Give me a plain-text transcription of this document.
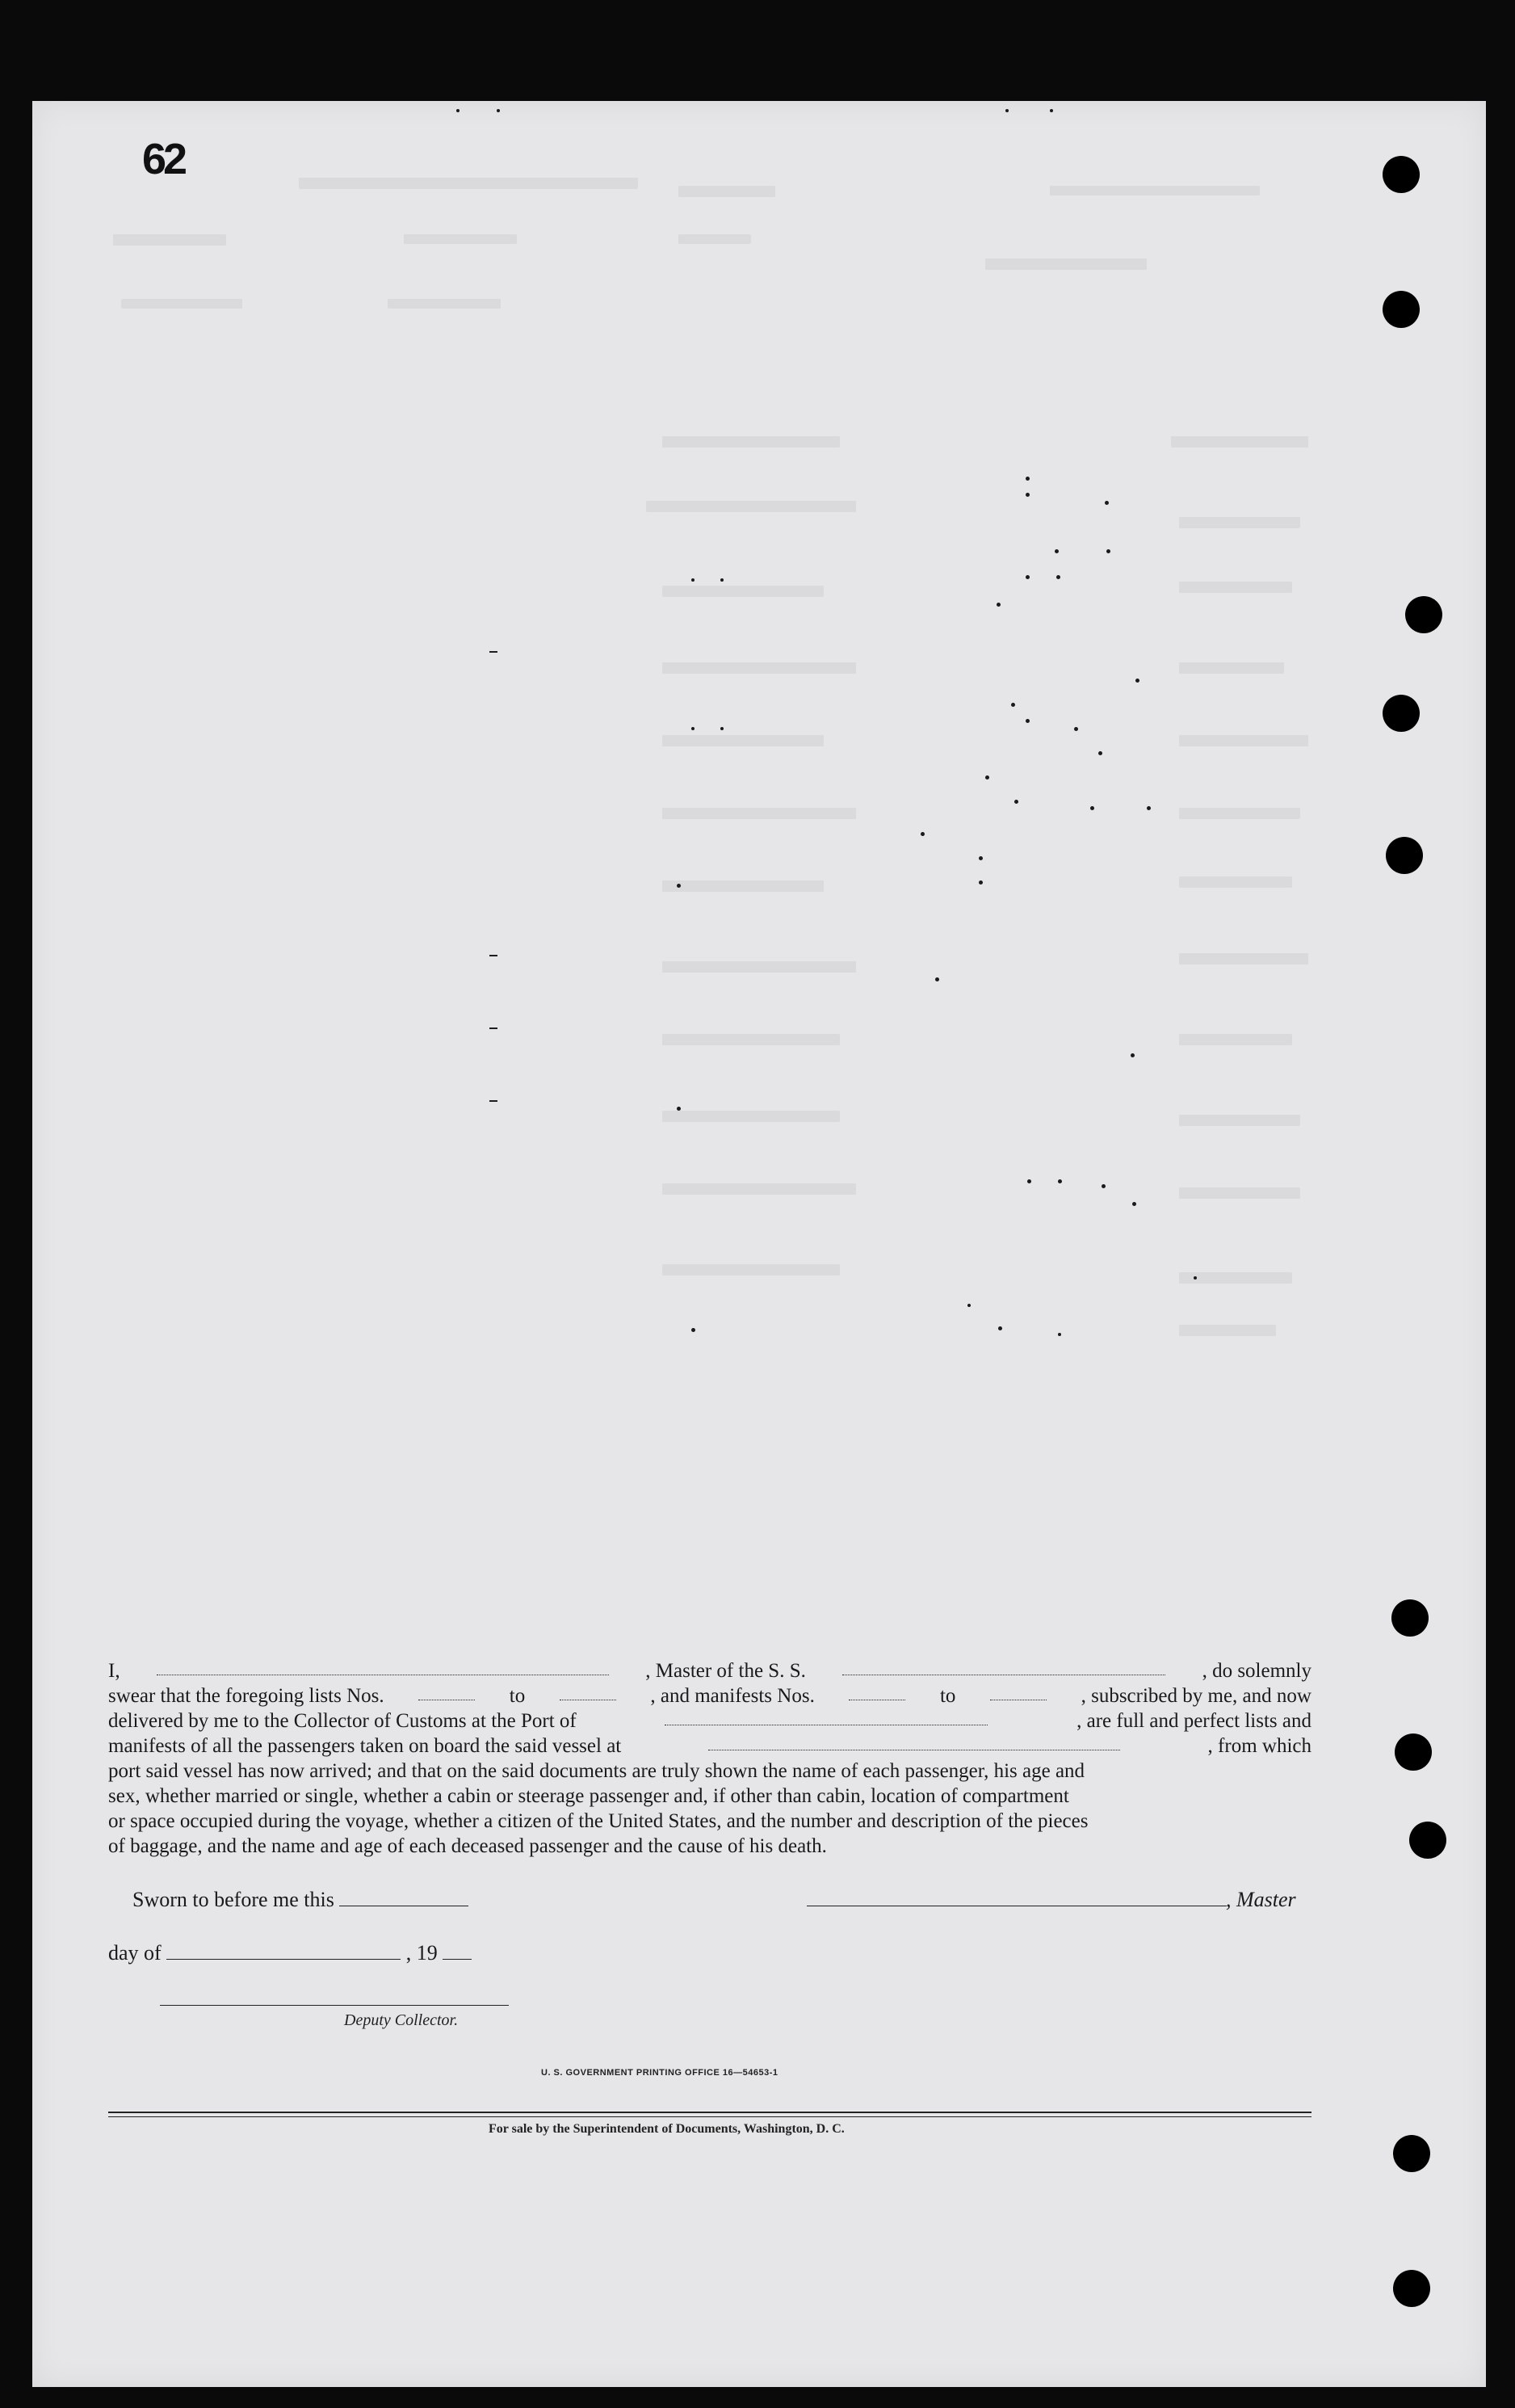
62
I,	, Master of the S. S.	, do solemnly
swear that the foregoing lists Nos.	to	, and manifests Nos.	to	, subscribed by me, and now
delivered by me to the Collector of Customs at the Port of	, are full and perfect lists and
manifests of all the passengers taken on board the said vessel at	, from which
port said vessel has now arrived; and that on the said documents are truly shown the name of each passenger, his age and
sex, whether married or single, whether a cabin or steerage passenger and, if other than cabin, location of compartment
or space occupied during the voyage, whether a citizen of the United States, and the number and description of the pieces
of baggage, and the name and age of each deceased passenger and the cause of his death.
Sworn to before me this	, Master
day of	, 19
Deputy Collector.
U. S. GOVERNMENT PRINTING OFFICE 16—54653-1
For sale by the Superintendent of Documents, Washington, D. C.
